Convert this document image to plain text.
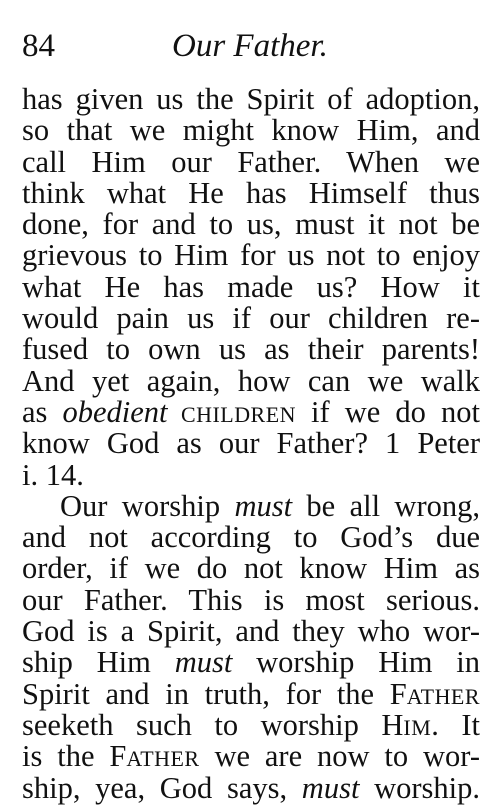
84	Our Father.
has given us the Spirit of adoption,
so that we might know Him, and
call Him our Father. When we
think what He has Himself thus
done, for and to us, must it not be
grievous to Him for us not to enjoy
what He has made us? How it
would pain us if our children re-
fused to own us as their parents!
And yet again, how can we walk
as obedient CHILDREN if we do not
know God as our Father? 1 Peter
i. 14.
Our worship must be all wrong,
and not according to God’s due
order, if we do not know Him as
our Father. This is most serious.
God is a Spirit, and they who wor-
ship Him must worship Him in
Spirit and in truth, for the FATHER
seeketh such to worship HIM. It
is the FATHER we are now to wor-
ship, yea, God says, must worship.
